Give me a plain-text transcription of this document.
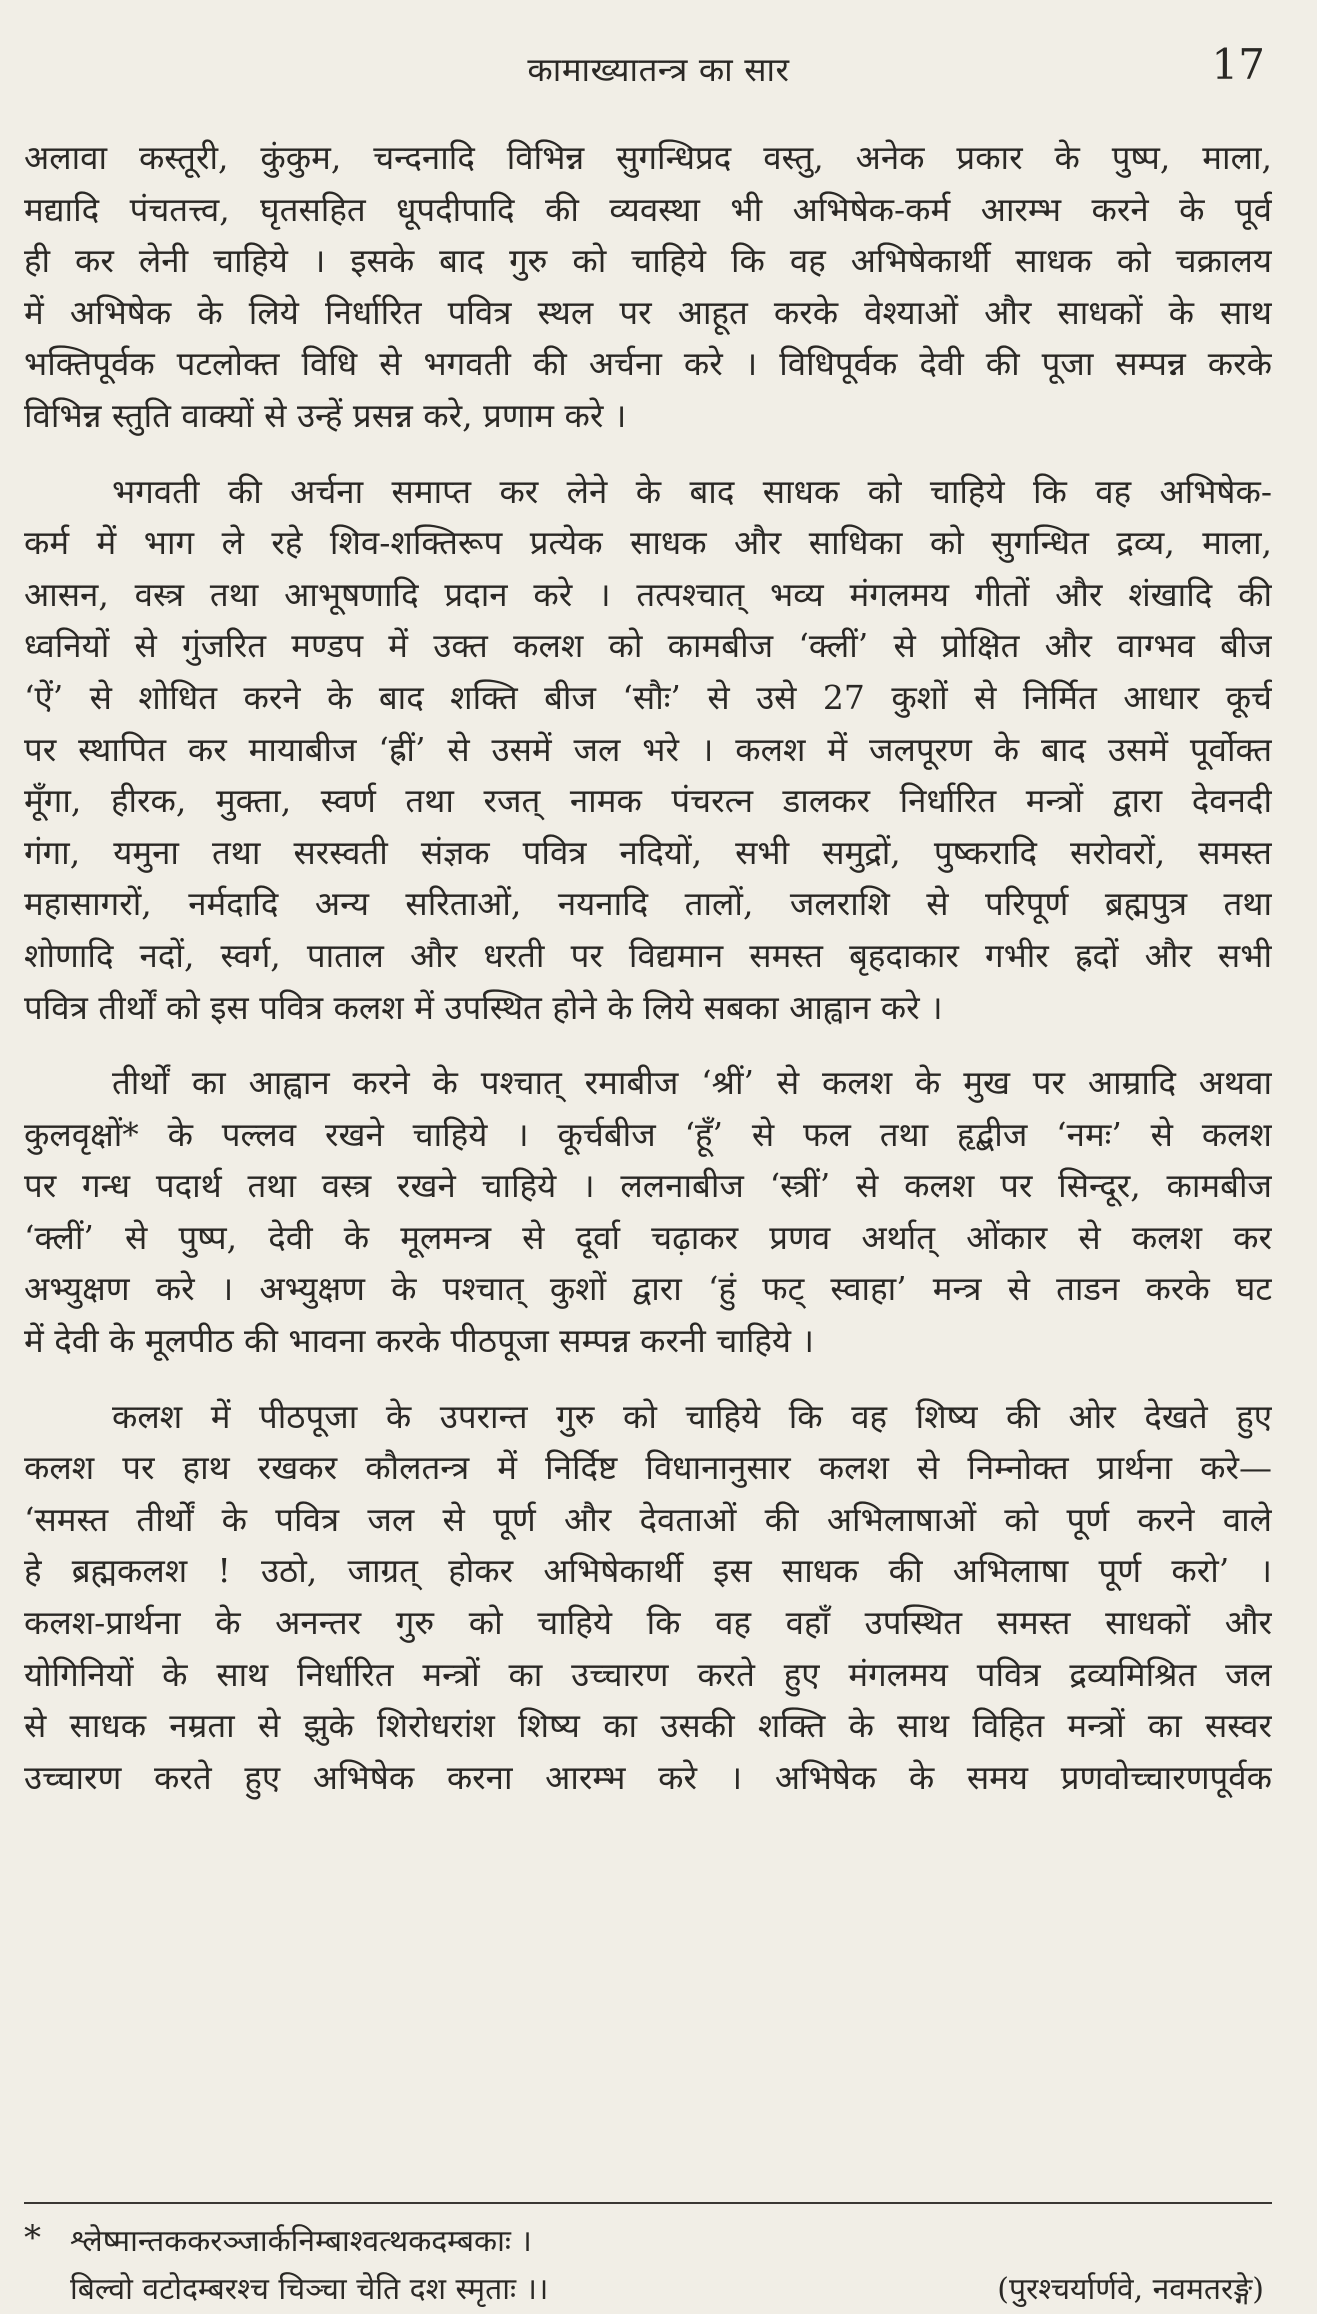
कामाख्यातन्त्र का सार	17
अलावा कस्तूरी, कुंकुम, चन्दनादि विभिन्न सुगन्धिप्रद वस्तु, अनेक प्रकार के पुष्प, माला,
मद्यादि पंचतत्त्व, घृतसहित धूपदीपादि की व्यवस्था भी अभिषेक-कर्म आरम्भ करने के पूर्व
ही कर लेनी चाहिये । इसके बाद गुरु को चाहिये कि वह अभिषेकार्थी साधक को चक्रालय
में अभिषेक के लिये निर्धारित पवित्र स्थल पर आहूत करके वेश्याओं और साधकों के साथ
भक्तिपूर्वक पटलोक्त विधि से भगवती की अर्चना करे । विधिपूर्वक देवी की पूजा सम्पन्न करके
विभिन्न स्तुति वाक्यों से उन्हें प्रसन्न करे, प्रणाम करे ।
भगवती की अर्चना समाप्त कर लेने के बाद साधक को चाहिये कि वह अभिषेक-
कर्म में भाग ले रहे शिव-शक्तिरूप प्रत्येक साधक और साधिका को सुगन्धित द्रव्य, माला,
आसन, वस्त्र तथा आभूषणादि प्रदान करे । तत्पश्चात् भव्य मंगलमय गीतों और शंखादि की
ध्वनियों से गुंजरित मण्डप में उक्त कलश को कामबीज ‘क्लीं’ से प्रोक्षित और वाग्भव बीज
‘ऐं’ से शोधित करने के बाद शक्ति बीज ‘सौः’ से उसे 27 कुशों से निर्मित आधार कूर्च
पर स्थापित कर मायाबीज ‘ह्रीं’ से उसमें जल भरे । कलश में जलपूरण के बाद उसमें पूर्वोक्त
मूँगा, हीरक, मुक्ता, स्वर्ण तथा रजत् नामक पंचरत्न डालकर निर्धारित मन्त्रों द्वारा देवनदी
गंगा, यमुना तथा सरस्वती संज्ञक पवित्र नदियों, सभी समुद्रों, पुष्करादि सरोवरों, समस्त
महासागरों, नर्मदादि अन्य सरिताओं, नयनादि तालों, जलराशि से परिपूर्ण ब्रह्मपुत्र तथा
शोणादि नदों, स्वर्ग, पाताल और धरती पर विद्यमान समस्त बृहदाकार गभीर ह्रदों और सभी
पवित्र तीर्थों को इस पवित्र कलश में उपस्थित होने के लिये सबका आह्वान करे ।
तीर्थों का आह्वान करने के पश्चात् रमाबीज ‘श्रीं’ से कलश के मुख पर आम्रादि अथवा
कुलवृक्षों* के पल्लव रखने चाहिये । कूर्चबीज ‘हूँ’ से फल तथा हृद्बीज ‘नमः’ से कलश
पर गन्ध पदार्थ तथा वस्त्र रखने चाहिये । ललनाबीज ‘स्त्रीं’ से कलश पर सिन्दूर, कामबीज
‘क्लीं’ से पुष्प, देवी के मूलमन्त्र से दूर्वा चढ़ाकर प्रणव अर्थात् ओंकार से कलश कर
अभ्युक्षण करे । अभ्युक्षण के पश्चात् कुशों द्वारा ‘हुं फट् स्वाहा’ मन्त्र से ताडन करके घट
में देवी के मूलपीठ की भावना करके पीठपूजा सम्पन्न करनी चाहिये ।
कलश में पीठपूजा के उपरान्त गुरु को चाहिये कि वह शिष्य की ओर देखते हुए
कलश पर हाथ रखकर कौलतन्त्र में निर्दिष्ट विधानानुसार कलश से निम्नोक्त प्रार्थना करे—
‘समस्त तीर्थों के पवित्र जल से पूर्ण और देवताओं की अभिलाषाओं को पूर्ण करने वाले
हे ब्रह्मकलश ! उठो, जाग्रत् होकर अभिषेकार्थी इस साधक की अभिलाषा पूर्ण करो’ ।
कलश-प्रार्थना के अनन्तर गुरु को चाहिये कि वह वहाँ उपस्थित समस्त साधकों और
योगिनियों के साथ निर्धारित मन्त्रों का उच्चारण करते हुए मंगलमय पवित्र द्रव्यमिश्रित जल
से साधक नम्रता से झुके शिरोधरांश शिष्य का उसकी शक्ति के साथ विहित मन्त्रों का सस्वर
उच्चारण करते हुए अभिषेक करना आरम्भ करे । अभिषेक के समय प्रणवोच्चारणपूर्वक
* श्लेष्मान्तककरञ्जार्कनिम्बाश्वत्थकदम्बकाः ।
बिल्वो वटोदम्बरश्च चिञ्चा चेति दश स्मृताः ।।	(पुरश्चर्यार्णवे, नवमतरङ्गे)
